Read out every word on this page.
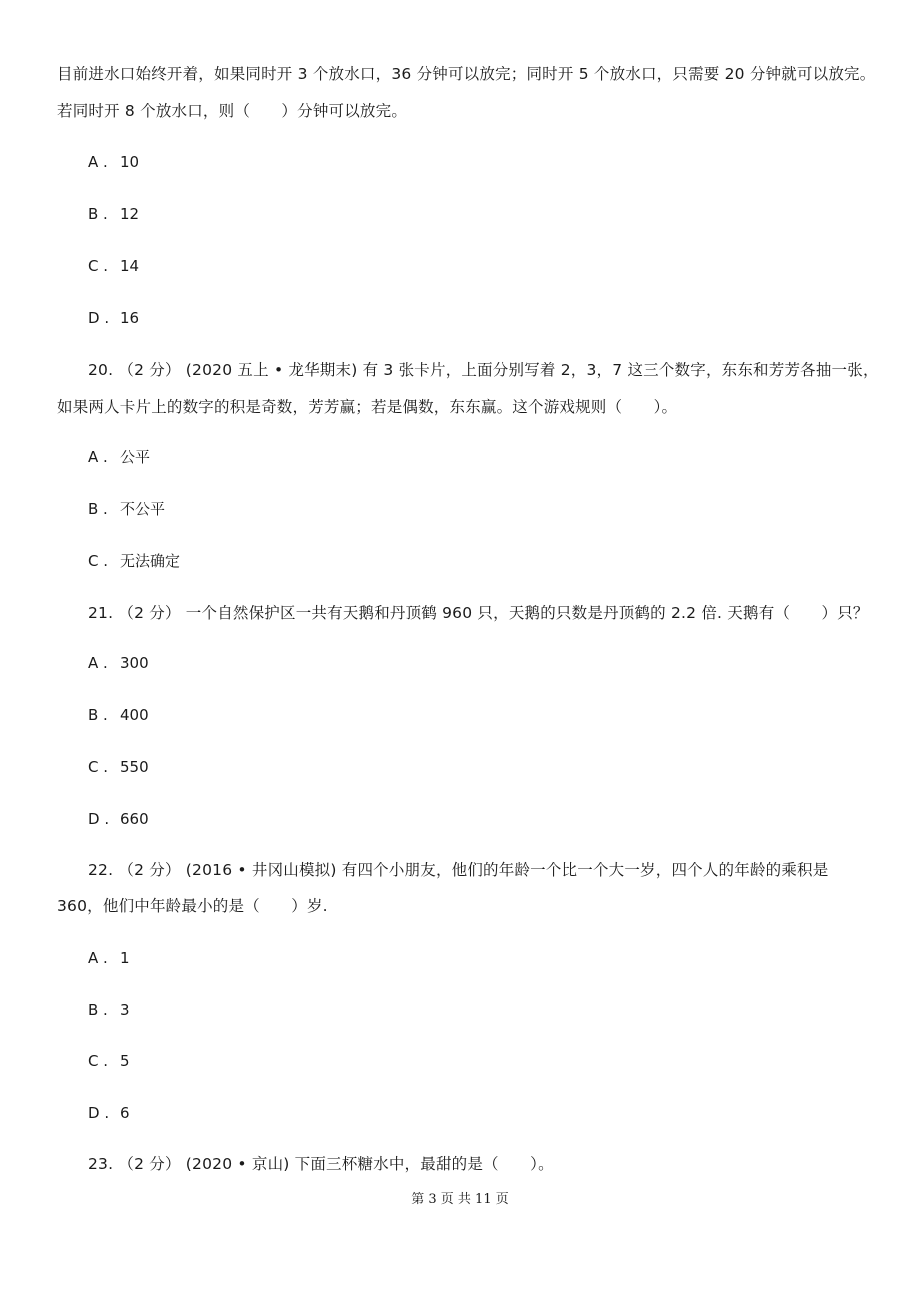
目前进水口始终开着，如果同时开 3 个放水口，36 分钟可以放完；同时开 5 个放水口，只需要 20 分钟就可以放完。
若同时开 8 个放水口，则（　　）分钟可以放完。
A . 10
B . 12
C . 14
D . 16
20. （2 分） (2020 五上 • 龙华期末) 有 3 张卡片，上面分别写着 2，3，7 这三个数字，东东和芳芳各抽一张，
如果两人卡片上的数字的积是奇数，芳芳赢；若是偶数，东东赢。这个游戏规则（　　）。
A . 公平
B . 不公平
C . 无法确定
21. （2 分） 一个自然保护区一共有天鹅和丹顶鹤 960 只，天鹅的只数是丹顶鹤的 2.2 倍. 天鹅有（　　）只？
A . 300
B . 400
C . 550
D . 660
22. （2 分） (2016 • 井冈山模拟) 有四个小朋友，他们的年龄一个比一个大一岁，四个人的年龄的乘积是
360，他们中年龄最小的是（　　）岁.
A . 1
B . 3
C . 5
D . 6
23. （2 分） (2020 • 京山) 下面三杯糖水中，最甜的是（　　）。
第 3 页 共 11 页
